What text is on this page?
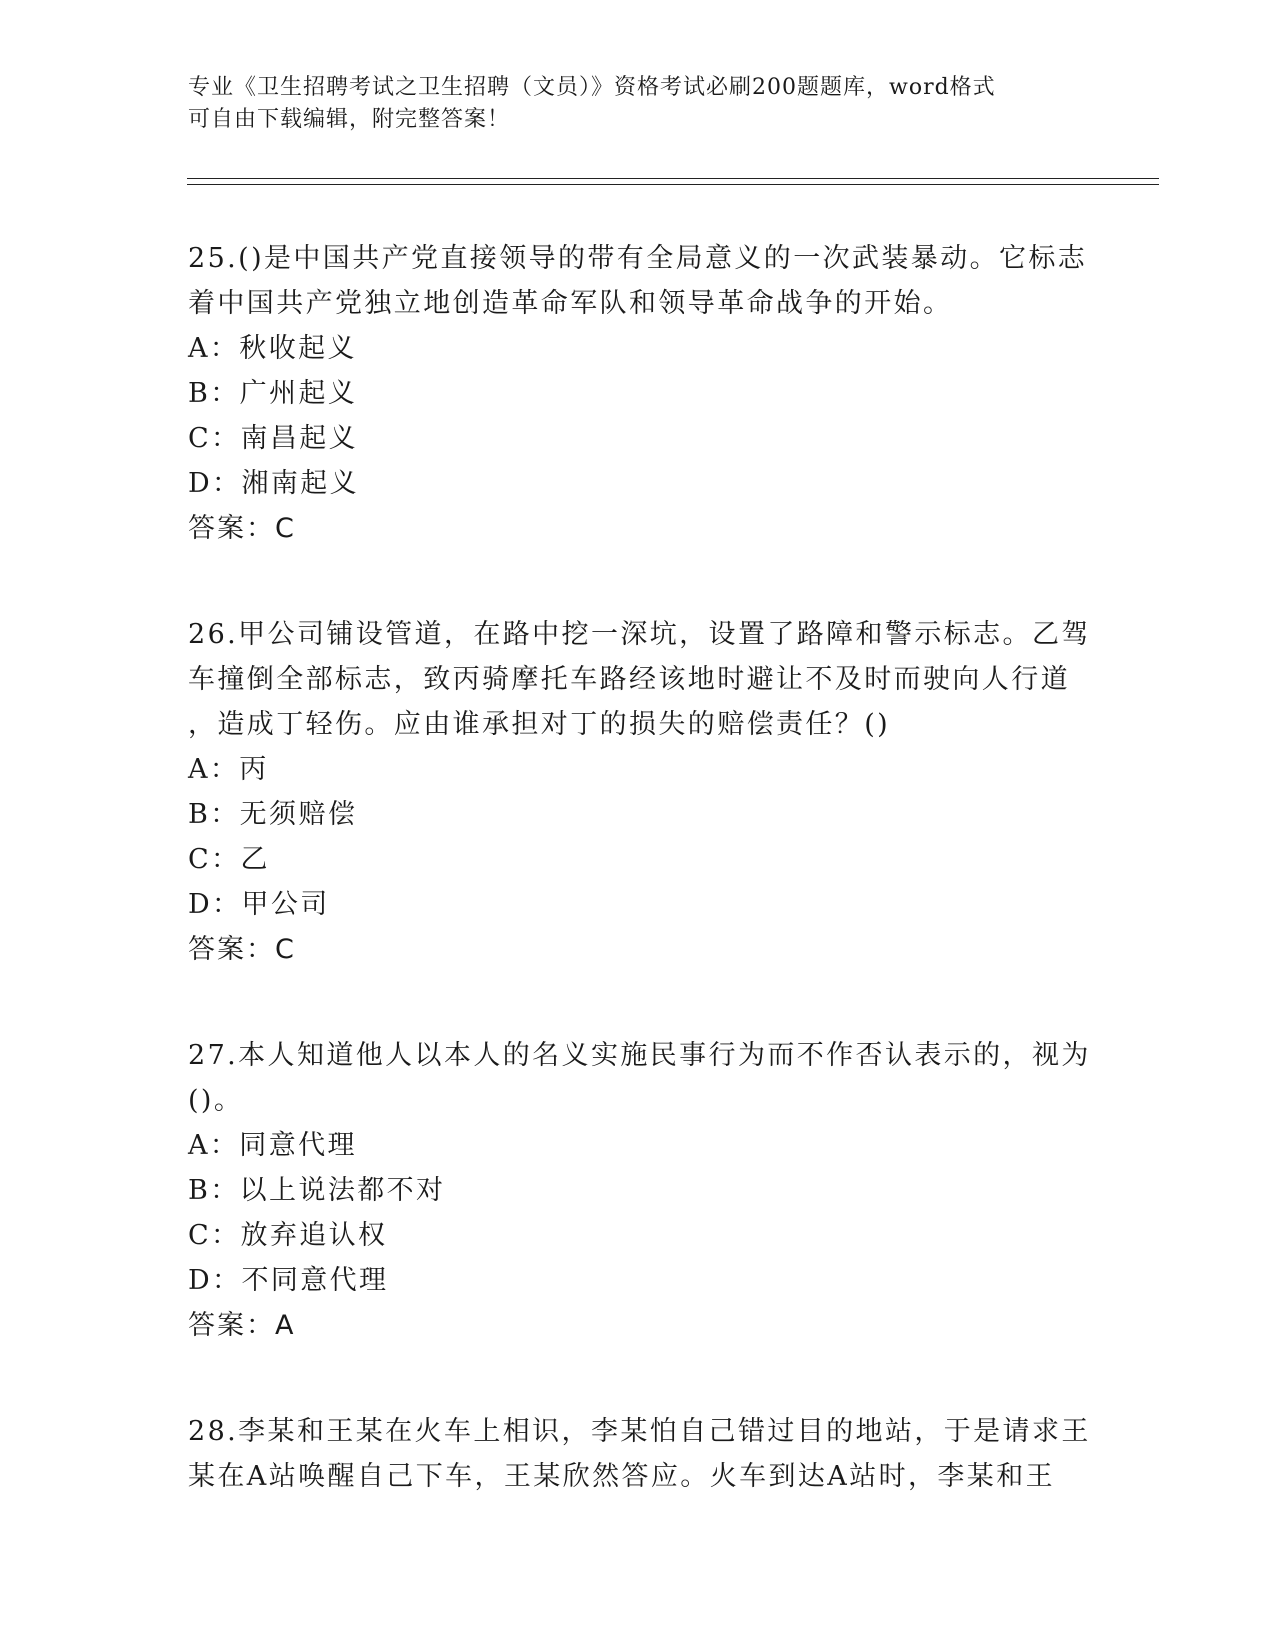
专业《卫生招聘考试之卫生招聘（文员）》资格考试必刷200题题库，word格式
可自由下载编辑，附完整答案！
25.()是中国共产党直接领导的带有全局意义的一次武装暴动。它标志
着中国共产党独立地创造革命军队和领导革命战争的开始。
A：秋收起义
B：广州起义
C：南昌起义
D：湘南起义
答案：C
26.甲公司铺设管道，在路中挖一深坑，设置了路障和警示标志。乙驾
车撞倒全部标志，致丙骑摩托车路经该地时避让不及时而驶向人行道
，造成丁轻伤。应由谁承担对丁的损失的赔偿责任？()
A：丙
B：无须赔偿
C：乙
D：甲公司
答案：C
27.本人知道他人以本人的名义实施民事行为而不作否认表示的，视为
()。
A：同意代理
B：以上说法都不对
C：放弃追认权
D：不同意代理
答案：A
28.李某和王某在火车上相识，李某怕自己错过目的地站，于是请求王
某在A站唤醒自己下车，王某欣然答应。火车到达A站时，李某和王
